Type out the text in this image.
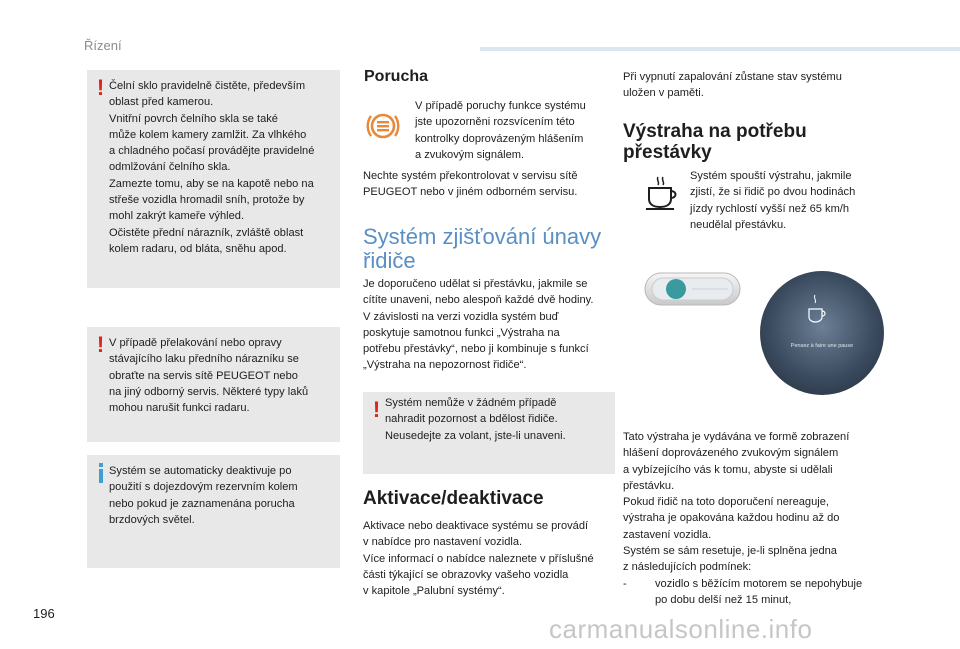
Řízení
! Čelní sklo pravidelně čistěte, především
oblast před kamerou.
Vnitřní povrch čelního skla se také
může kolem kamery zamlžit. Za vlhkého
a chladného počasí provádějte pravidelné
odmlžování čelního skla.
Zamezte tomu, aby se na kapotě nebo na
střeše vozidla hromadil sníh, protože by
mohl zakrýt kameře výhled.
Očistěte přední nárazník, zvláště oblast
kolem radaru, od bláta, sněhu apod.

! V případě přelakování nebo opravy
stávajícího laku předního nárazníku se
obraťte na servis sítě PEUGEOT nebo
na jiný odborný servis. Některé typy laků
mohou narušit funkci radaru.

Systém se automaticky deaktivuje po
použití s dojezdovým rezervním kolem
nebo pokud je zaznamenána porucha
brzdových světel.

Porucha

V případě poruchy funkce systému
jste upozorněni rozsvícením této
kontrolky doprovázeným hlášením
a zvukovým signálem.

Nechte systém překontrolovat v servisu sítě
PEUGEOT nebo v jiném odborném servisu.

Systém zjišťování únavy
řidiče

Je doporučeno udělat si přestávku, jakmile se
cítíte unaveni, nebo alespoň každé dvě hodiny.
V závislosti na verzi vozidla systém buď
poskytuje samotnou funkci „Výstraha na
potřebu přestávky“, nebo ji kombinuje s funkcí
„Výstraha na nepozornost řidiče“.

! Systém nemůže v žádném případě
nahradit pozornost a bdělost řidiče.
Neusedejte za volant, jste-li unaveni.

Aktivace/deaktivace

Aktivace nebo deaktivace systému se provádí
v nabídce pro nastavení vozidla.
Více informací o nabídce naleznete v příslušné
části týkající se obrazovky vašeho vozidla
v kapitole „Palubní systémy“.

Při vypnutí zapalování zůstane stav systému
uložen v paměti.

Výstraha na potřebu
přestávky

Systém spouští výstrahu, jakmile
zjistí, že si řidič po dvou hodinách
jízdy rychlostí vyšší než 65 km/h
neudělal přestávku.

Pensez à faire une pause

Tato výstraha je vydávána ve formě zobrazení
hlášení doprovázeného zvukovým signálem
a vybízejícího vás k tomu, abyste si udělali
přestávku.
Pokud řidič na toto doporučení nereaguje,
výstraha je opakována každou hodinu až do
zastavení vozidla.

Systém se sám resetuje, je-li splněna jedna
z následujících podmínek:

-	vozidlo s běžícím motorem se nepohybuje
po dobu delší než 15 minut,

196
carmanualsonline.info
